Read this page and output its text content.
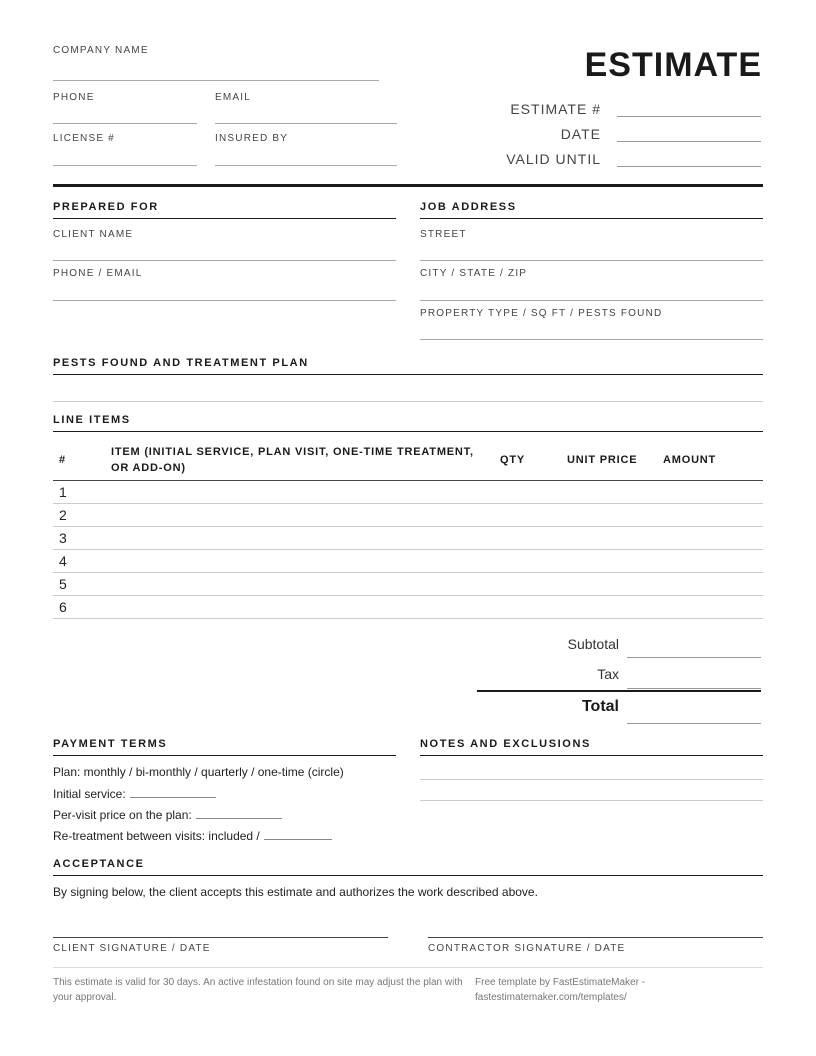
COMPANY NAME
PHONE	EMAIL
LICENSE #	INSURED BY
ESTIMATE
ESTIMATE #
DATE
VALID UNTIL
PREPARED FOR
CLIENT NAME
PHONE / EMAIL
JOB ADDRESS
STREET
CITY / STATE / ZIP
PROPERTY TYPE / SQ FT / PESTS FOUND
PESTS FOUND AND TREATMENT PLAN
LINE ITEMS
#	ITEM (INITIAL SERVICE, PLAN VISIT, ONE-TIME TREATMENT, OR ADD-ON)	QTY	UNIT PRICE	AMOUNT
1				
2				
3				
4				
5				
6				
Subtotal
Tax
Total
PAYMENT TERMS
Plan: monthly / bi-monthly / quarterly / one-time (circle)
Initial service:
Per-visit price on the plan:
Re-treatment between visits: included /
NOTES AND EXCLUSIONS
ACCEPTANCE
By signing below, the client accepts this estimate and authorizes the work described above.
CLIENT SIGNATURE / DATE	CONTRACTOR SIGNATURE / DATE
This estimate is valid for 30 days. An active infestation found on site may adjust the plan with your approval.
Free template by FastEstimateMaker - fastestimatemaker.com/templates/
